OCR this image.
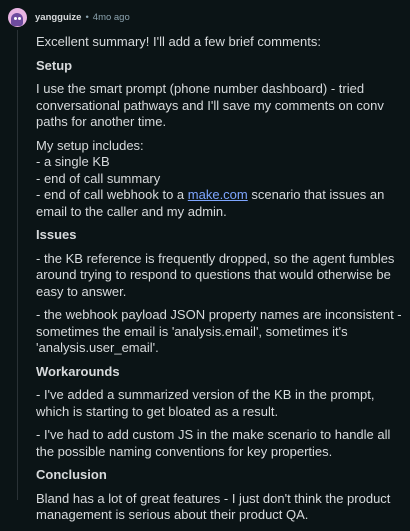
yangguize • 4mo ago

Excellent summary! I'll add a few brief comments:

Setup

I use the smart prompt (phone number dashboard) - tried conversational pathways and I'll save my comments on conv paths for another time.

My setup includes:
- a single KB
- end of call summary
- end of call webhook to a make.com scenario that issues an email to the caller and my admin.

Issues

- the KB reference is frequently dropped, so the agent fumbles around trying to respond to questions that would otherwise be easy to answer.

- the webhook payload JSON property names are inconsistent - sometimes the email is 'analysis.email', sometimes it's 'analysis.user_email'.

Workarounds

- I've added a summarized version of the KB in the prompt, which is starting to get bloated as a result.

- I've had to add custom JS in the make scenario to handle all the possible naming conventions for key properties.

Conclusion

Bland has a lot of great features - I just don't think the product management is serious about their product QA.
